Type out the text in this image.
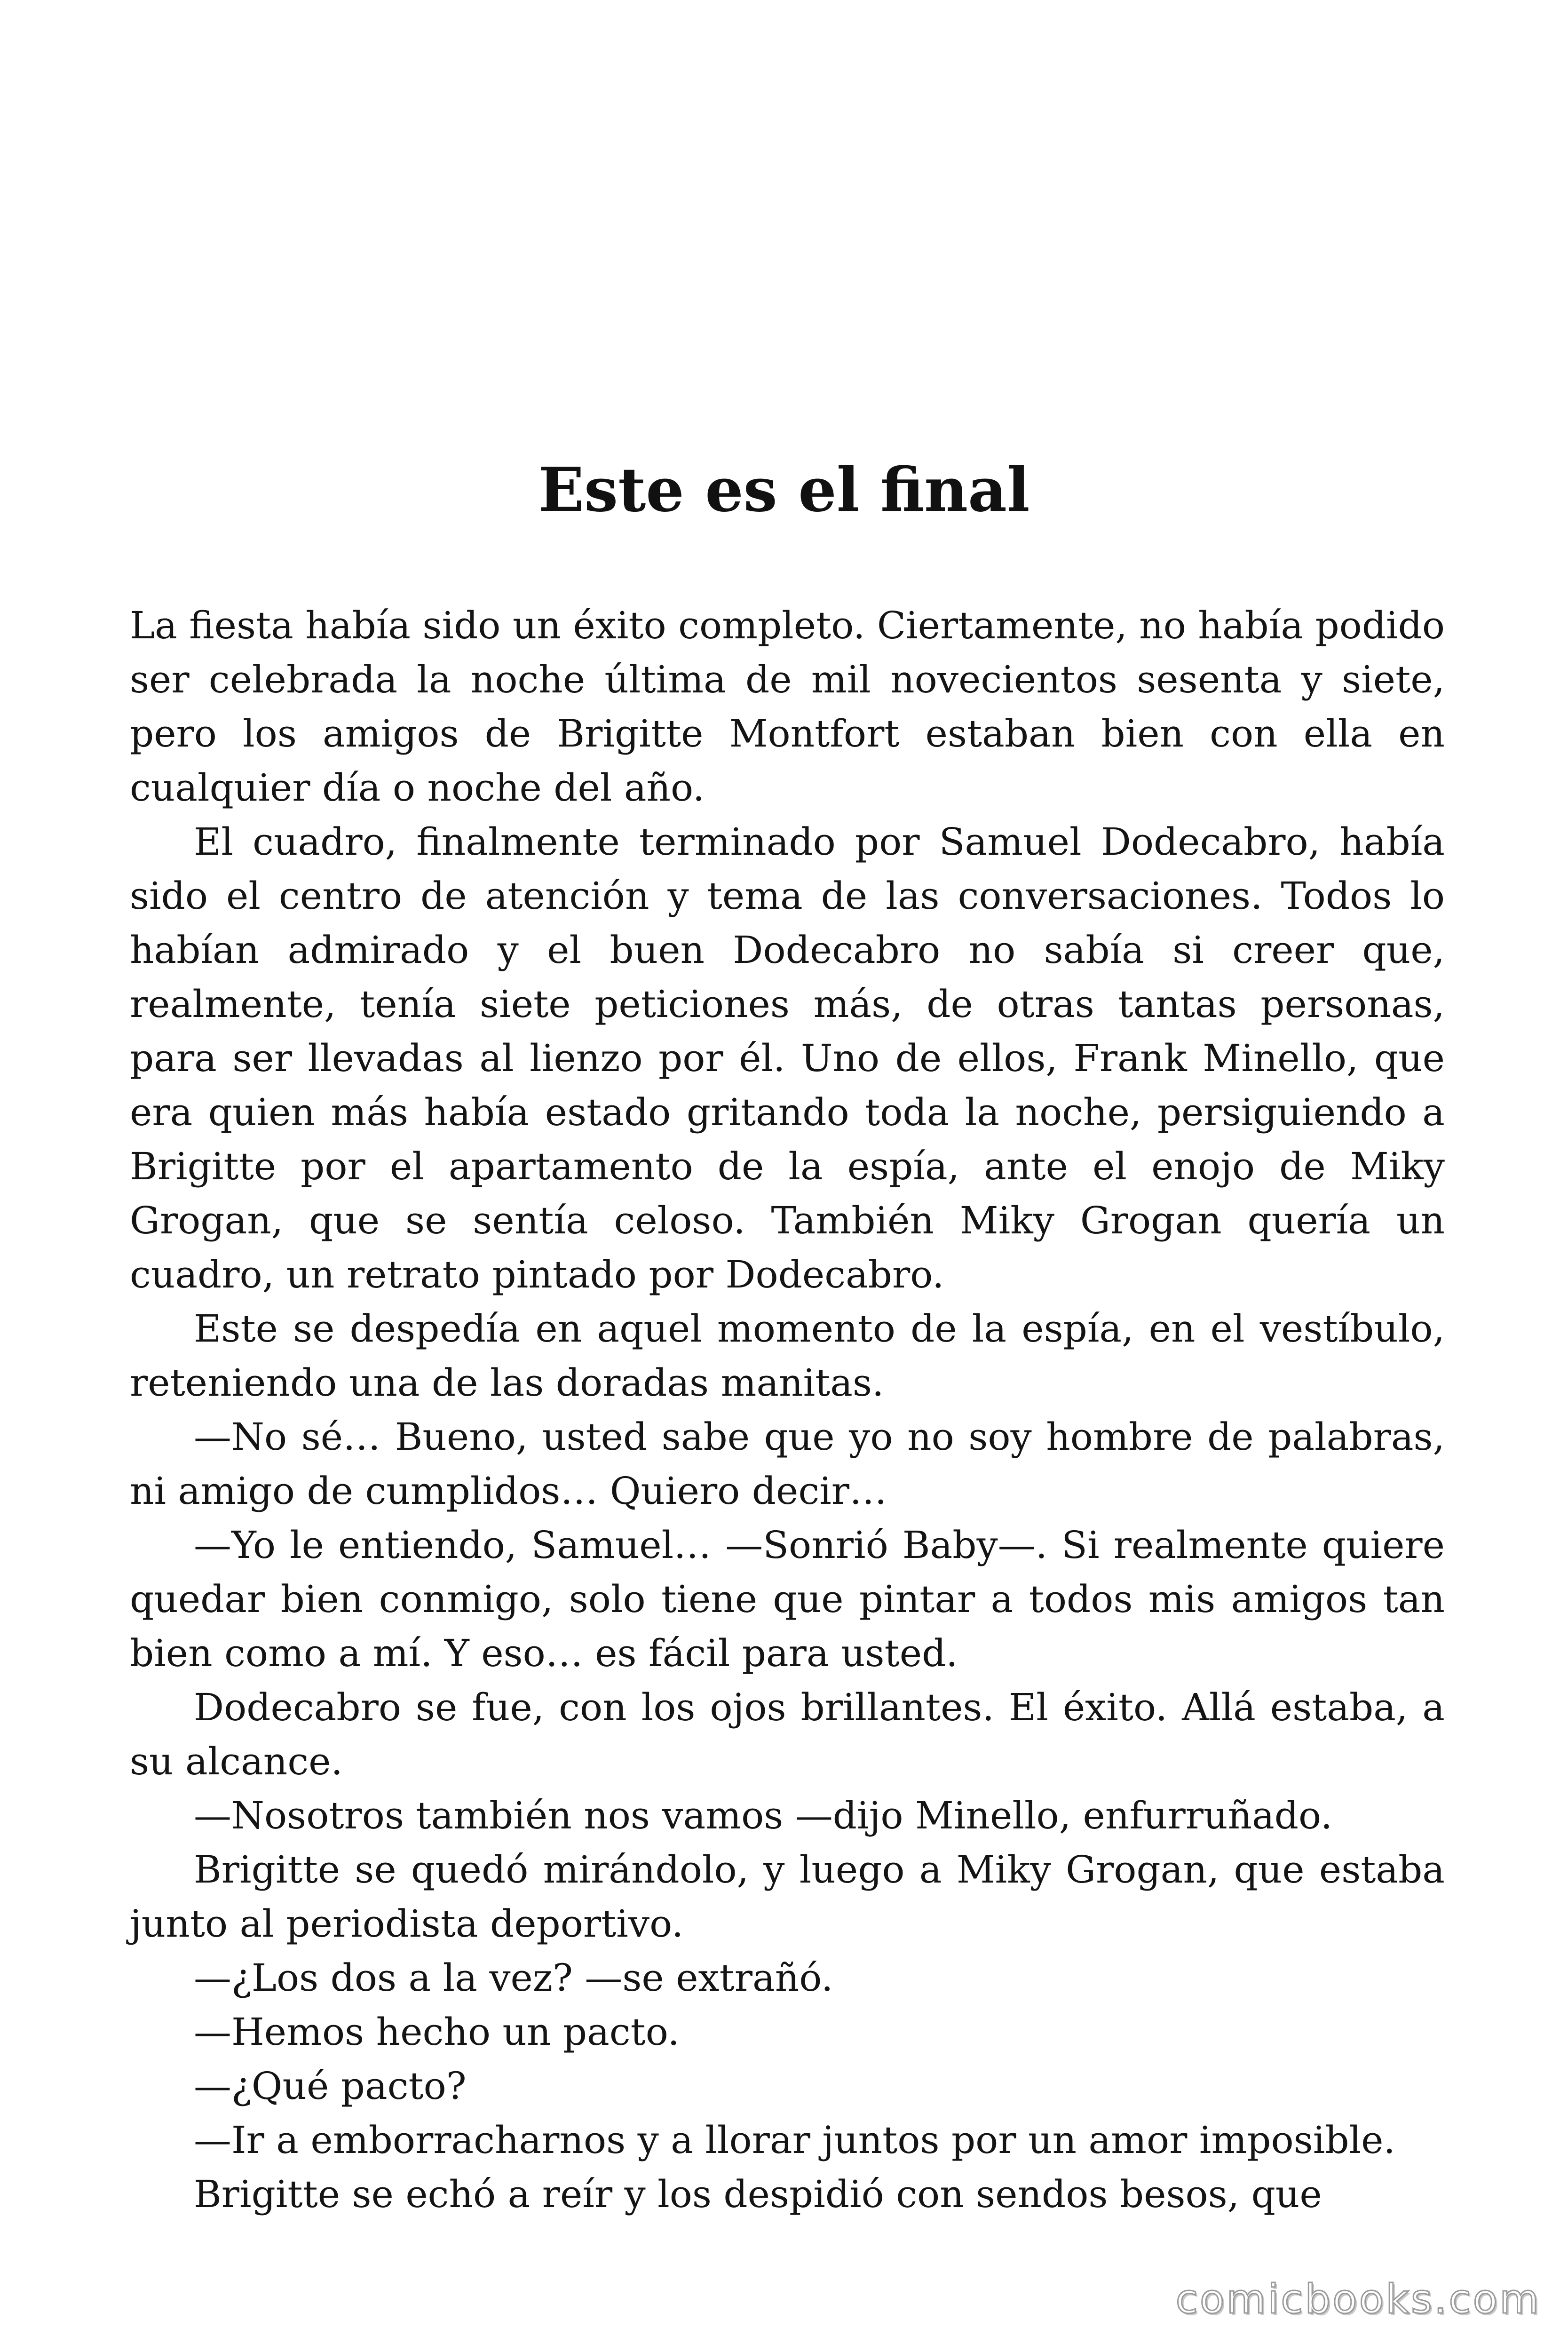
Este es el final

La fiesta había sido un éxito completo. Ciertamente, no había podido ser celebrada la noche última de mil novecientos sesenta y siete, pero los amigos de Brigitte Montfort estaban bien con ella en cualquier día o noche del año.

El cuadro, finalmente terminado por Samuel Dodecabro, había sido el centro de atención y tema de las conversaciones. Todos lo habían admirado y el buen Dodecabro no sabía si creer que, realmente, tenía siete peticiones más, de otras tantas personas, para ser llevadas al lienzo por él. Uno de ellos, Frank Minello, que era quien más había estado gritando toda la noche, persiguiendo a Brigitte por el apartamento de la espía, ante el enojo de Miky Grogan, que se sentía celoso. También Miky Grogan quería un cuadro, un retrato pintado por Dodecabro.

Este se despedía en aquel momento de la espía, en el vestíbulo, reteniendo una de las doradas manitas.

—No sé… Bueno, usted sabe que yo no soy hombre de palabras, ni amigo de cumplidos… Quiero decir…

—Yo le entiendo, Samuel… —Sonrió Baby—. Si realmente quiere quedar bien conmigo, solo tiene que pintar a todos mis amigos tan bien como a mí. Y eso… es fácil para usted.

Dodecabro se fue, con los ojos brillantes. El éxito. Allá estaba, a su alcance.

—Nosotros también nos vamos —dijo Minello, enfurruñado.

Brigitte se quedó mirándolo, y luego a Miky Grogan, que estaba junto al periodista deportivo.

—¿Los dos a la vez? —se extrañó.

—Hemos hecho un pacto.

—¿Qué pacto?

—Ir a emborracharnos y a llorar juntos por un amor imposible.

Brigitte se echó a reír y los despidió con sendos besos, que

comicbooks.com
